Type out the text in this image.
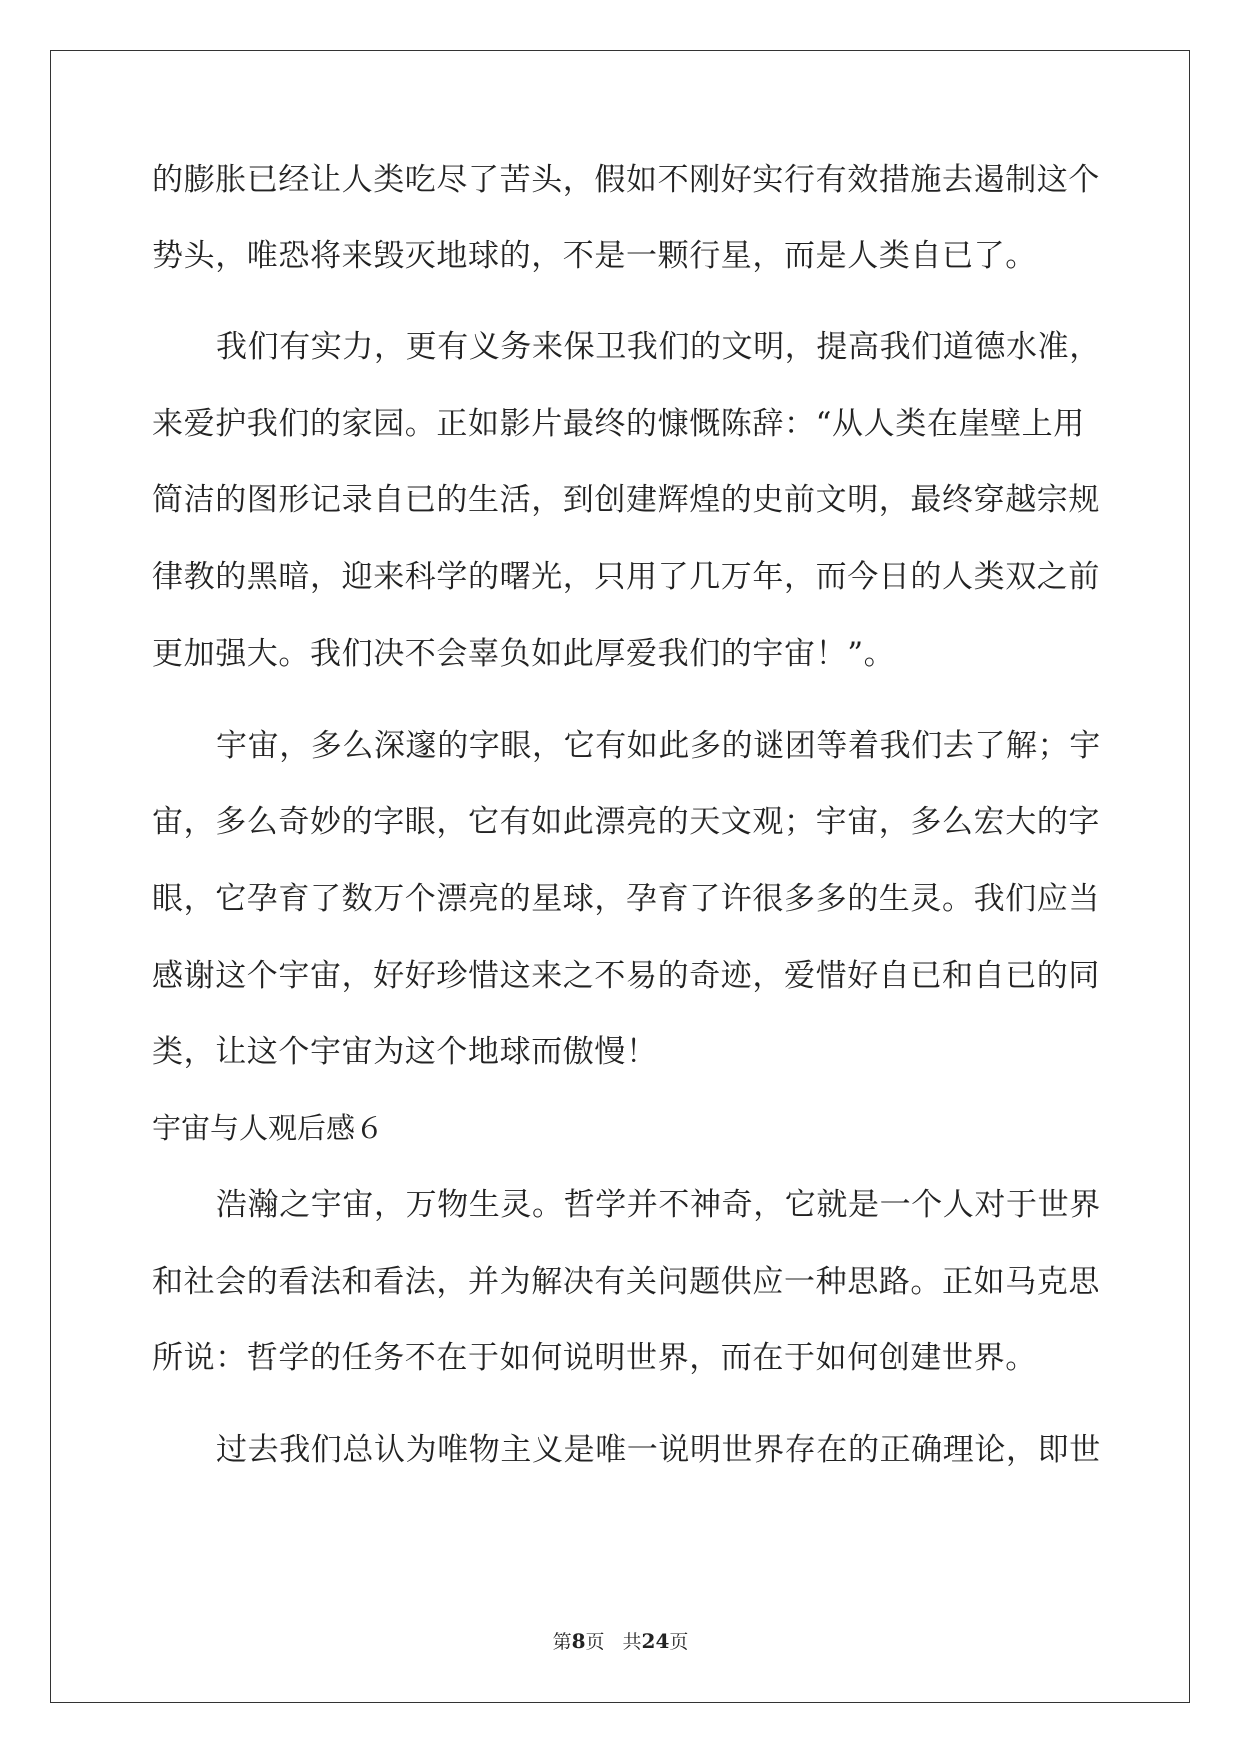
的膨胀已经让人类吃尽了苦头，假如不刚好实行有效措施去遏制这个
势头，唯恐将来毁灭地球的，不是一颗行星，而是人类自已了。
我们有实力，更有义务来保卫我们的文明，提高我们道德水准，
来爱护我们的家园。正如影片最终的慷慨陈辞：“从人类在崖壁上用
简洁的图形记录自已的生活，到创建辉煌的史前文明，最终穿越宗规
律教的黑暗，迎来科学的曙光，只用了几万年，而今日的人类双之前
更加强大。我们决不会辜负如此厚爱我们的宇宙！”。
宇宙，多么深邃的字眼，它有如此多的谜团等着我们去了解；宇
宙，多么奇妙的字眼，它有如此漂亮的天文观；宇宙，多么宏大的字
眼，它孕育了数万个漂亮的星球，孕育了许很多多的生灵。我们应当
感谢这个宇宙，好好珍惜这来之不易的奇迹，爱惜好自已和自已的同
类，让这个宇宙为这个地球而傲慢！
宇宙与人观后感６
浩瀚之宇宙，万物生灵。哲学并不神奇，它就是一个人对于世界
和社会的看法和看法，并为解决有关问题供应一种思路。正如马克思
所说：哲学的任务不在于如何说明世界，而在于如何创建世界。
过去我们总认为唯物主义是唯一说明世界存在的正确理论，即世
第8页 共24页
